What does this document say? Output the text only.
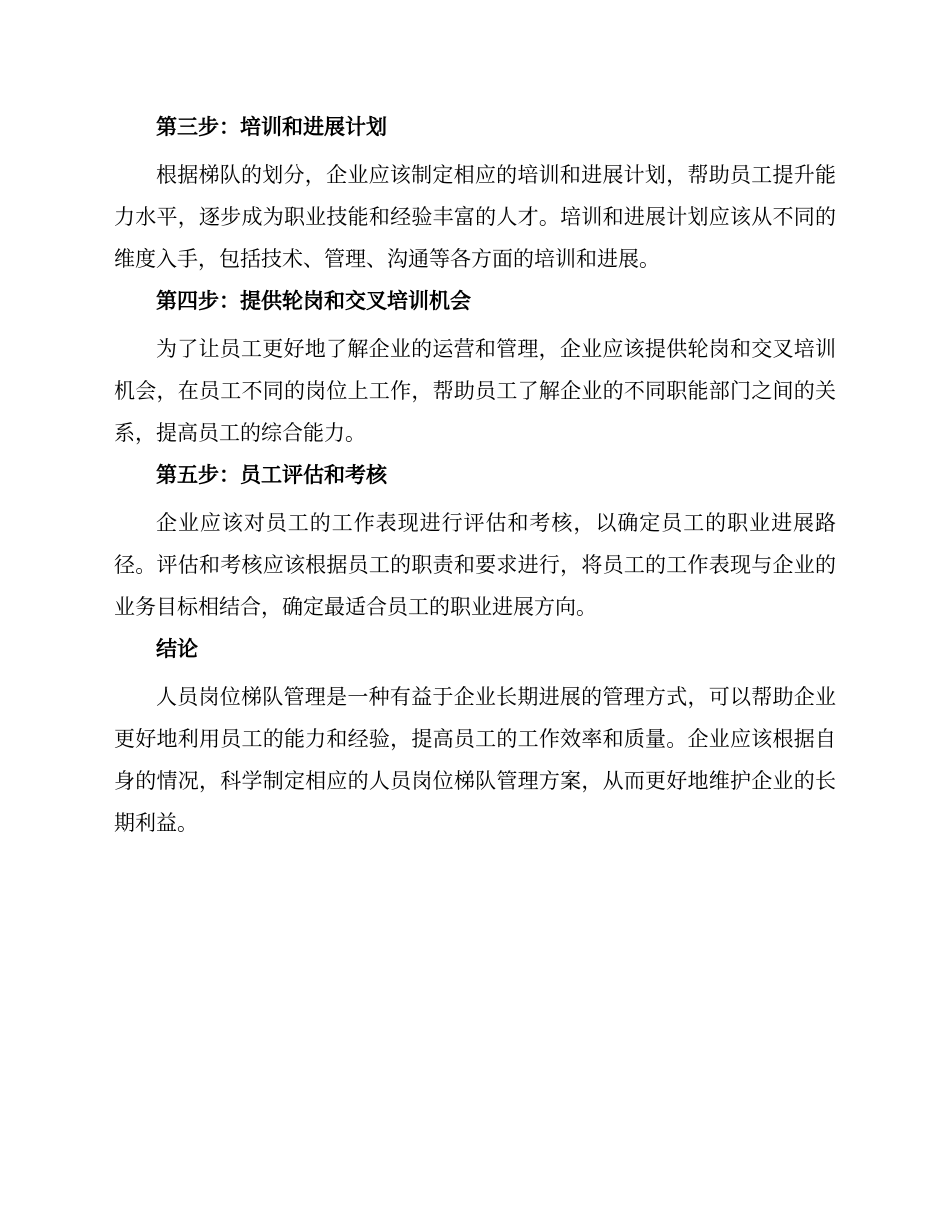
第三步：培训和进展计划

根据梯队的划分，企业应该制定相应的培训和进展计划，帮助员工提升能力水平，逐步成为职业技能和经验丰富的人才。培训和进展计划应该从不同的维度入手，包括技术、管理、沟通等各方面的培训和进展。

第四步：提供轮岗和交叉培训机会

为了让员工更好地了解企业的运营和管理，企业应该提供轮岗和交叉培训机会，在员工不同的岗位上工作，帮助员工了解企业的不同职能部门之间的关系，提高员工的综合能力。

第五步：员工评估和考核

企业应该对员工的工作表现进行评估和考核，以确定员工的职业进展路径。评估和考核应该根据员工的职责和要求进行，将员工的工作表现与企业的业务目标相结合，确定最适合员工的职业进展方向。

结论

人员岗位梯队管理是一种有益于企业长期进展的管理方式，可以帮助企业更好地利用员工的能力和经验，提高员工的工作效率和质量。企业应该根据自身的情况，科学制定相应的人员岗位梯队管理方案，从而更好地维护企业的长期利益。
